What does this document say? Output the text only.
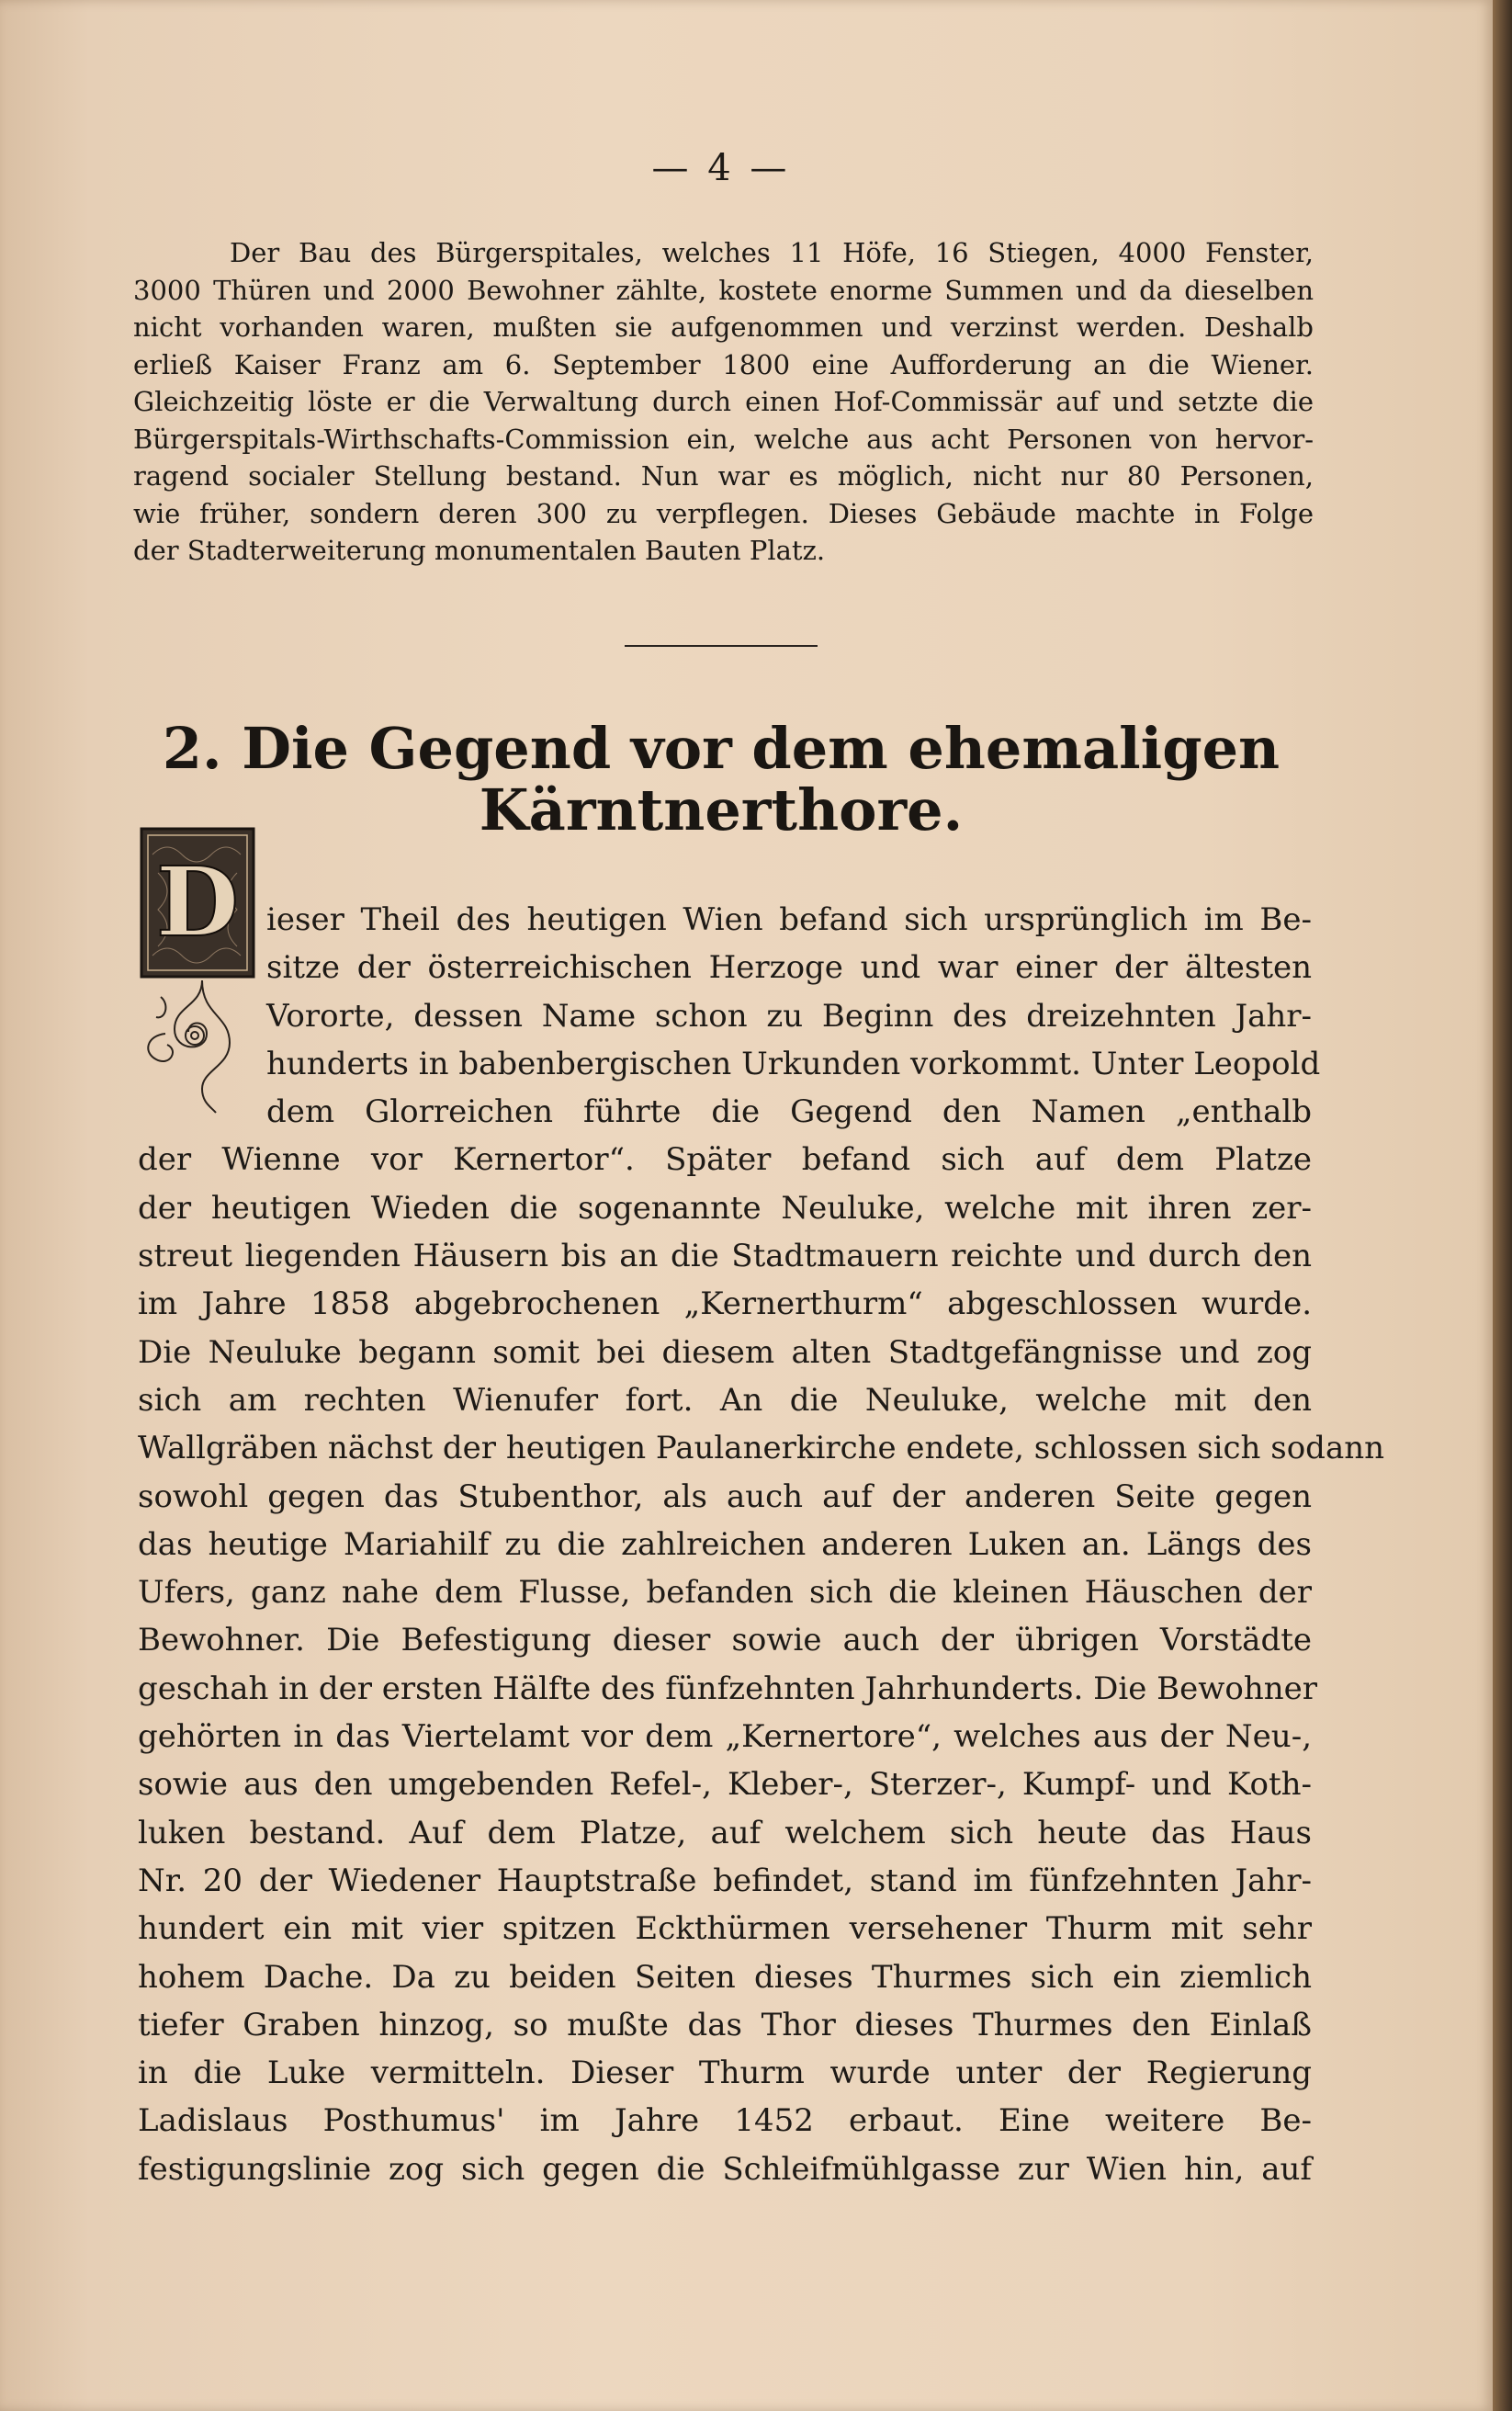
— 4 —
Der Bau des Bürgerspitales, welches 11 Höfe, 16 Stiegen, 4000 Fenster,
3000 Thüren und 2000 Bewohner zählte, kostete enorme Summen und da dieselben
nicht vorhanden waren, mußten sie aufgenommen und verzinst werden. Deshalb
erließ Kaiser Franz am 6. September 1800 eine Aufforderung an die Wiener.
Gleichzeitig löste er die Verwaltung durch einen Hof-Commissär auf und setzte die
Bürgerspitals-Wirthschafts-Commission ein, welche aus acht Personen von hervor-
ragend socialer Stellung bestand. Nun war es möglich, nicht nur 80 Personen,
wie früher, sondern deren 300 zu verpflegen. Dieses Gebäude machte in Folge
der Stadterweiterung monumentalen Bauten Platz.
2. Die Gegend vor dem ehemaligen
Kärntnerthore.
D ieser Theil des heutigen Wien befand sich ursprünglich im Be-
sitze der österreichischen Herzoge und war einer der ältesten
Vororte, dessen Name schon zu Beginn des dreizehnten Jahr-
hunderts in babenbergischen Urkunden vorkommt. Unter Leopold
dem Glorreichen führte die Gegend den Namen „enthalb
der Wienne vor Kernertor“. Später befand sich auf dem Platze
der heutigen Wieden die sogenannte Neuluke, welche mit ihren zer-
streut liegenden Häusern bis an die Stadtmauern reichte und durch den
im Jahre 1858 abgebrochenen „Kernerthurm“ abgeschlossen wurde.
Die Neuluke begann somit bei diesem alten Stadtgefängnisse und zog
sich am rechten Wienufer fort. An die Neuluke, welche mit den
Wallgräben nächst der heutigen Paulanerkirche endete, schlossen sich sodann
sowohl gegen das Stubenthor, als auch auf der anderen Seite gegen
das heutige Mariahilf zu die zahlreichen anderen Luken an. Längs des
Ufers, ganz nahe dem Flusse, befanden sich die kleinen Häuschen der
Bewohner. Die Befestigung dieser sowie auch der übrigen Vorstädte
geschah in der ersten Hälfte des fünfzehnten Jahrhunderts. Die Bewohner
gehörten in das Viertelamt vor dem „Kernertore“, welches aus der Neu-,
sowie aus den umgebenden Refel-, Kleber-, Sterzer-, Kumpf- und Koth-
luken bestand. Auf dem Platze, auf welchem sich heute das Haus
Nr. 20 der Wiedener Hauptstraße befindet, stand im fünfzehnten Jahr-
hundert ein mit vier spitzen Eckthürmen versehener Thurm mit sehr
hohem Dache. Da zu beiden Seiten dieses Thurmes sich ein ziemlich
tiefer Graben hinzog, so mußte das Thor dieses Thurmes den Einlaß
in die Luke vermitteln. Dieser Thurm wurde unter der Regierung
Ladislaus Posthumus' im Jahre 1452 erbaut. Eine weitere Be-
festigungslinie zog sich gegen die Schleifmühlgasse zur Wien hin, auf
